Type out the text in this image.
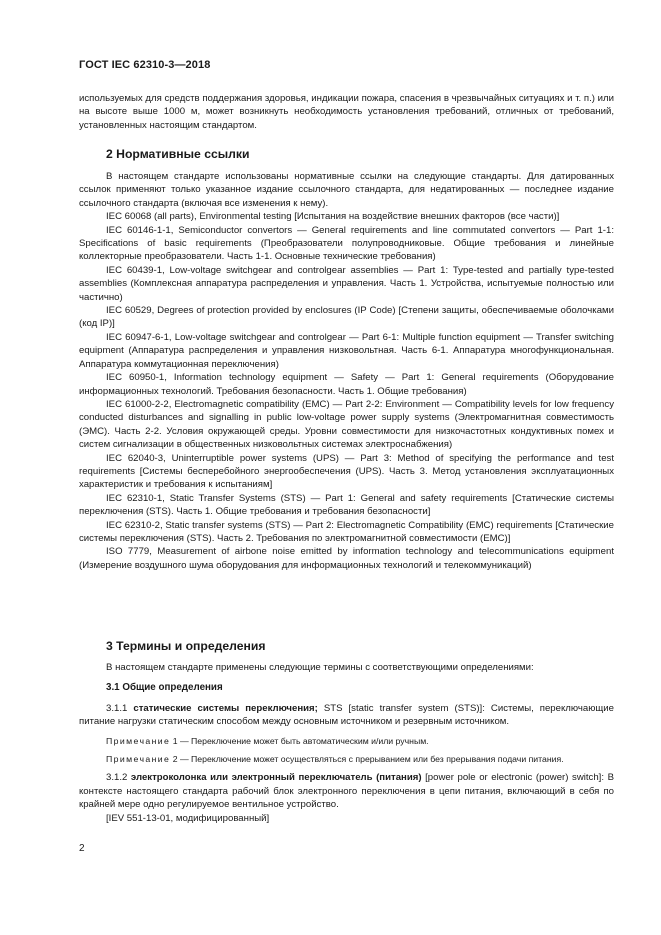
ГОСТ IEC 62310-3—2018

используемых для средств поддержания здоровья, индикации пожара, спасения в чрезвычайных ситуациях и т. п.) или на высоте выше 1000 м, может возникнуть необходимость установления требований, отличных от требований, установленных настоящим стандартом.

2 Нормативные ссылки

В настоящем стандарте использованы нормативные ссылки на следующие стандарты. Для датированных ссылок применяют только указанное издание ссылочного стандарта, для недатированных — последнее издание ссылочного стандарта (включая все изменения к нему).

IEC 60068 (all parts), Environmental testing [Испытания на воздействие внешних факторов (все части)]

IEC 60146-1-1, Semiconductor convertors — General requirements and line commutated convertors — Part 1-1: Specifications of basic requirements (Преобразователи полупроводниковые. Общие требования и линейные коллекторные преобразователи. Часть 1-1. Основные технические требования)

IEC 60439-1, Low-voltage switchgear and controlgear assemblies — Part 1: Type-tested and partially type-tested assemblies (Комплексная аппаратура распределения и управления. Часть 1. Устройства, испытуемые полностью или частично)

IEC 60529, Degrees of protection provided by enclosures (IP Code) [Степени защиты, обеспечиваемые оболочками (код IP)]

IEC 60947-6-1, Low-voltage switchgear and controlgear — Part 6-1: Multiple function equipment — Transfer switching equipment (Аппаратура распределения и управления низковольтная. Часть 6-1. Аппаратура многофункциональная. Аппаратура коммутационная переключения)

IEC 60950-1, Information technology equipment — Safety — Part 1: General requirements (Оборудование информационных технологий. Требования безопасности. Часть 1. Общие требования)

IEC 61000-2-2, Electromagnetic compatibility (EMC) — Part 2-2: Environment — Compatibility levels for low frequency conducted disturbances and signalling in public low-voltage power supply systems (Электромагнитная совместимость (ЭМС). Часть 2-2. Условия окружающей среды. Уровни совместимости для низкочастотных кондуктивных помех и систем сигнализации в общественных низковольтных системах электроснабжения)

IEC 62040-3, Uninterruptible power systems (UPS) — Part 3: Method of specifying the performance and test requirements [Системы бесперебойного энергообеспечения (UPS). Часть 3. Метод установления эксплуатационных характеристик и требования к испытаниям]

IEC 62310-1, Static Transfer Systems (STS) — Part 1: General and safety requirements [Статические системы переключения (STS). Часть 1. Общие требования и требования безопасности]

IEC 62310-2, Static transfer systems (STS) — Part 2: Electromagnetic Compatibility (EMC) requirements [Статические системы переключения (STS). Часть 2. Требования по электромагнитной совместимости (EMC)]

ISO 7779, Measurement of airbone noise emitted by information technology and telecommunications equipment (Измерение воздушного шума оборудования для информационных технологий и телекоммуникаций)

3 Термины и определения

В настоящем стандарте применены следующие термины с соответствующими определениями:

3.1 Общие определения

3.1.1 статические системы переключения; STS [static transfer system (STS)]: Системы, переключающие питание нагрузки статическим способом между основным источником и резервным источником.

Примечание 1 — Переключение может быть автоматическим и/или ручным.

Примечание 2 — Переключение может осуществляться с прерыванием или без прерывания подачи питания.

3.1.2 электроколонка или электронный переключатель (питания) [power pole or electronic (power) switch]: В контексте настоящего стандарта рабочий блок электронного переключения в цепи питания, включающий в себя по крайней мере одно регулируемое вентильное устройство.

[IEV 551-13-01, модифицированный]

2
